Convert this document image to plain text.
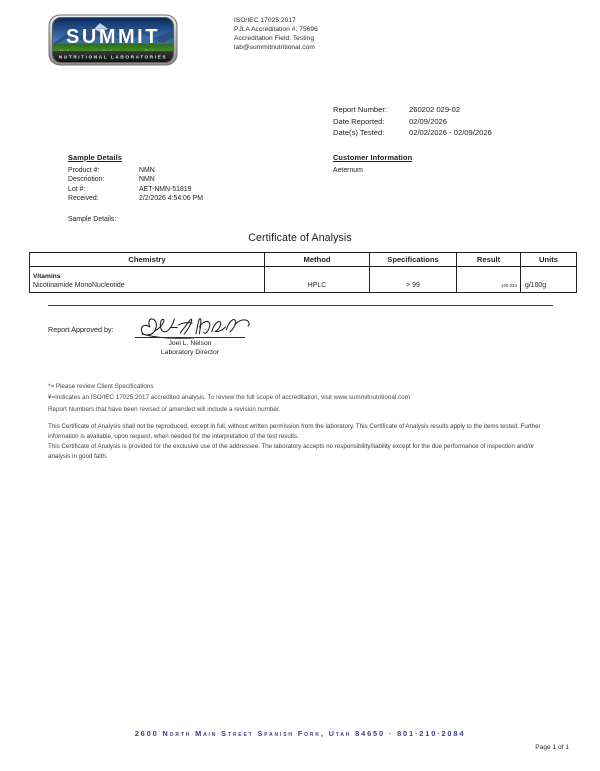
SUMMIT
NUTRITIONAL LABORATORIES
ISO/IEC 17025:2017
PJLA Accreditation #: 75696
Accreditation Field: Testing
lab@summitnutritional.com
Report Number:	260202 029-02
Date Reported:	02/09/2026
Date(s) Tested:	02/02/2026 - 02/09/2026
Sample Details
Product #:	NMN
Descriotion:	NMN
Lot #:	AET-NMN-51819
Received:	2/2/2026 4:54:06 PM
Sample Details:
Customer Information
Aeternum
Certificate of Analysis
Chemistry	Method	Specifications	Result	Units

Vitamins
Nicotinamide MonoNucleotide	HPLC	> 99	100.034	g/100g
Report Approved by:
Joel L. Nelson
Laboratory Director
*= Please review Client Specifications
¥=Indicates an ISO/IEC 17025:2017 accredited analysis. To review the full scope of accreditation, visit www.summitnutritional.com
Report Numbers that have been revised or amended will include a revision number.

This Certificate of Analysis shall not be reproduced, except in full, without written permission from the laboratory. This Certificate of Analysis results apply to the items tested. Further information is available, upon request, when needed for the interpretation of the test results.

This Certificate of Analysis is provided for the exclusive use of the addressee. The laboratory accepts no responsibility/liability except for the due performance of inspection and/or analysis in good faith.

2600 North Main Street Spanish Fork, Utah 84650 · 801·210·2084
Page 1 of 1
